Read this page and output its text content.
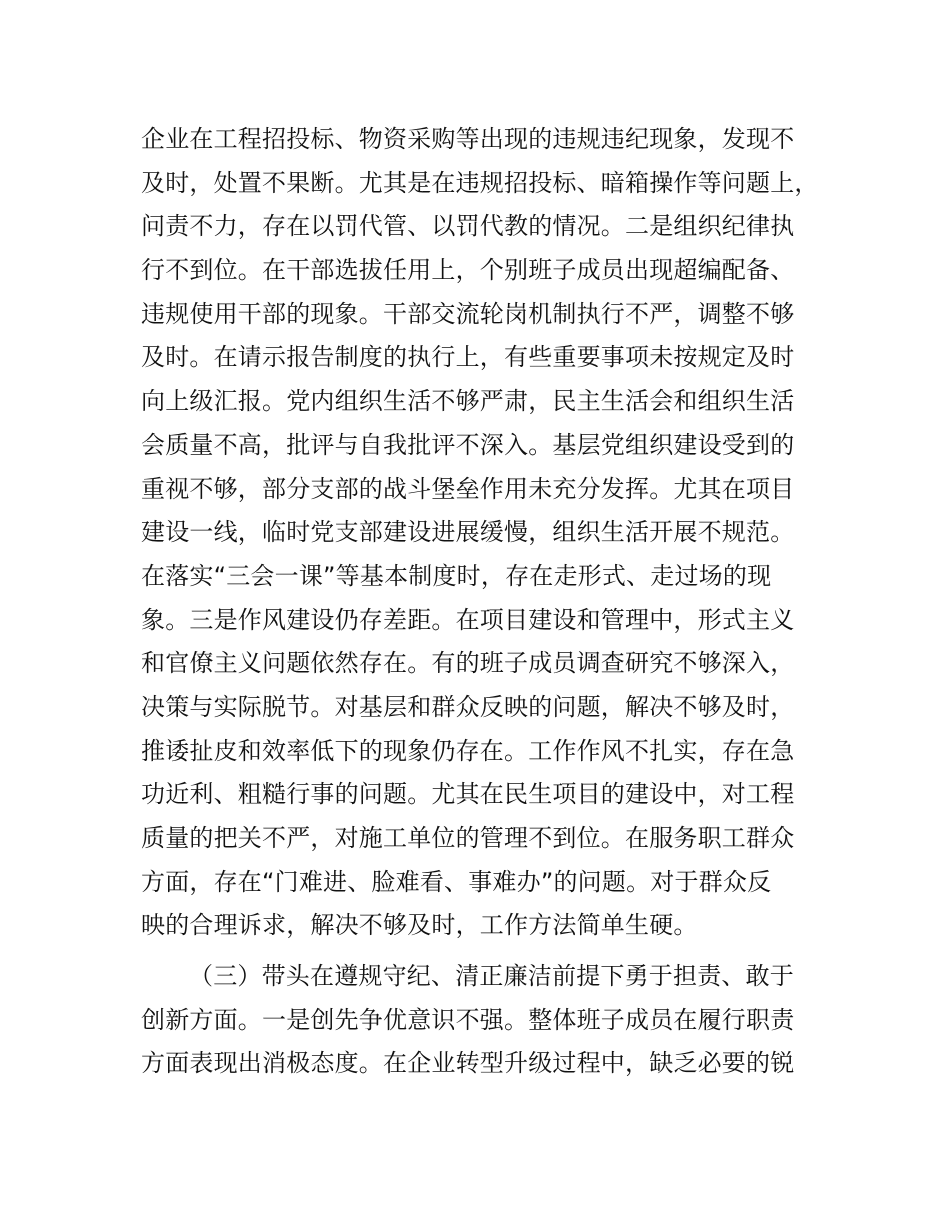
企业在工程招投标、物资采购等出现的违规违纪现象，发现不
及时，处置不果断。尤其是在违规招投标、暗箱操作等问题上，
问责不力，存在以罚代管、以罚代教的情况。二是组织纪律执
行不到位。在干部选拔任用上，个别班子成员出现超编配备、
违规使用干部的现象。干部交流轮岗机制执行不严，调整不够
及时。在请示报告制度的执行上，有些重要事项未按规定及时
向上级汇报。党内组织生活不够严肃，民主生活会和组织生活
会质量不高，批评与自我批评不深入。基层党组织建设受到的
重视不够，部分支部的战斗堡垒作用未充分发挥。尤其在项目
建设一线，临时党支部建设进展缓慢，组织生活开展不规范。
在落实“三会一课”等基本制度时，存在走形式、走过场的现
象。三是作风建设仍存差距。在项目建设和管理中，形式主义
和官僚主义问题依然存在。有的班子成员调查研究不够深入，
决策与实际脱节。对基层和群众反映的问题，解决不够及时，
推诿扯皮和效率低下的现象仍存在。工作作风不扎实，存在急
功近利、粗糙行事的问题。尤其在民生项目的建设中，对工程
质量的把关不严，对施工单位的管理不到位。在服务职工群众
方面，存在“门难进、脸难看、事难办”的问题。对于群众反
映的合理诉求，解决不够及时，工作方法简单生硬。
（三）带头在遵规守纪、清正廉洁前提下勇于担责、敢于
创新方面。一是创先争优意识不强。整体班子成员在履行职责
方面表现出消极态度。在企业转型升级过程中，缺乏必要的锐
